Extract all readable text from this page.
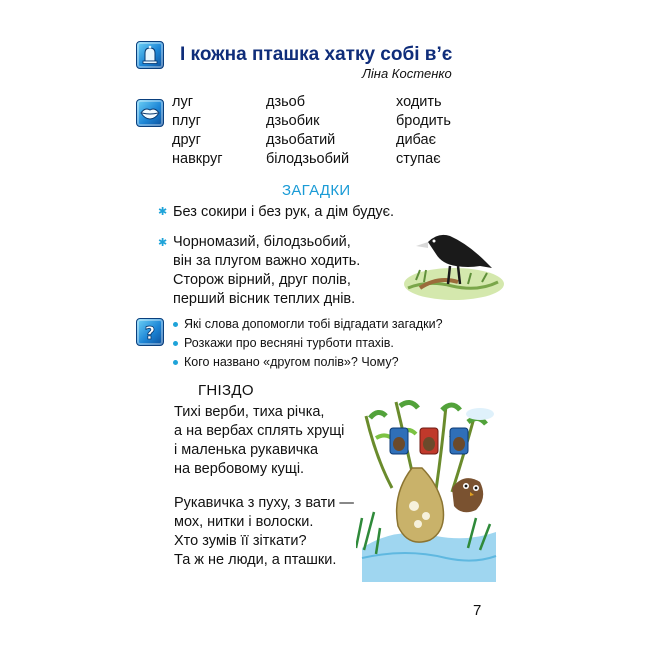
І кожна пташка хатку собі в’є
Ліна Костенко
луг
плуг
друг
навкруг
дзьоб
дзьобик
дзьобатий
білодзьобий
ходить
бродить
дибає
ступає
ЗАГАДКИ
✱ Без сокири і без рук, а дім будує.
✱ Чорномазий, білодзьобий,
він за плугом важно ходить.
Сторож вірний, друг полів,
перший вісник теплих днів.
?	Які слова допомогли тобі відгадати загадки?
Розкажи про весняні турботи птахів.
Кого названо «другом полів»? Чому?
ГНІЗДО
Тихі верби, тиха річка,
а на вербах сплять хрущі
і маленька рукавичка
на вербовому кущі.
Рукавичка з пуху, з вати —
мох, нитки і волоски.
Хто зумів її зіткати?
Та ж не люди, а пташки.
7
